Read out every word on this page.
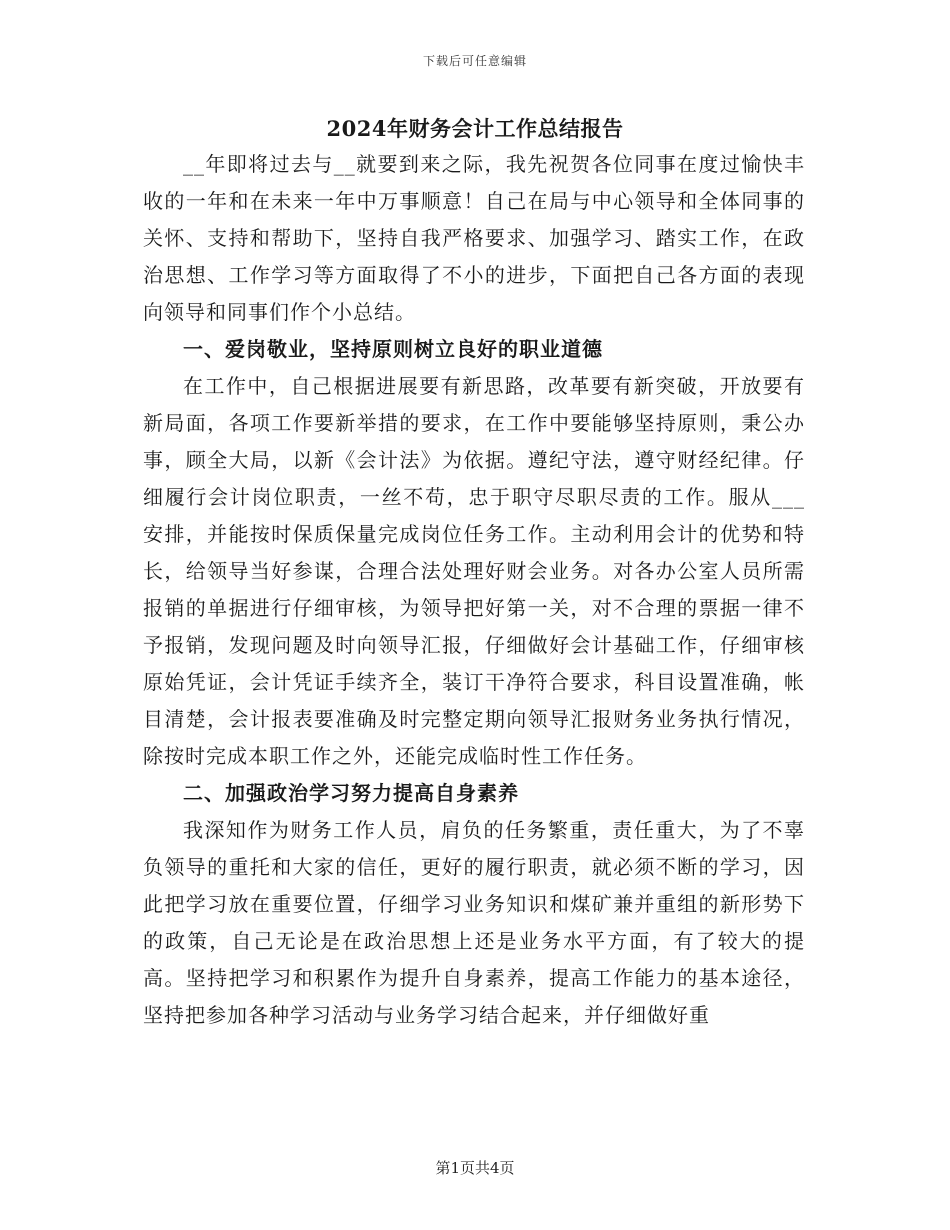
下载后可任意编辑
2024年财务会计工作总结报告

__年即将过去与__就要到来之际，我先祝贺各位同事在度过愉快丰收的一年和在未来一年中万事顺意！自己在局与中心领导和全体同事的关怀、支持和帮助下，坚持自我严格要求、加强学习、踏实工作，在政治思想、工作学习等方面取得了不小的进步，下面把自己各方面的表现向领导和同事们作个小总结。

一、爱岗敬业，坚持原则树立良好的职业道德

在工作中，自己根据进展要有新思路，改革要有新突破，开放要有新局面，各项工作要新举措的要求，在工作中要能够坚持原则，秉公办事，顾全大局，以新《会计法》为依据。遵纪守法，遵守财经纪律。仔细履行会计岗位职责，一丝不苟，忠于职守尽职尽责的工作。服从___安排，并能按时保质保量完成岗位任务工作。主动利用会计的优势和特长，给领导当好参谋，合理合法处理好财会业务。对各办公室人员所需报销的单据进行仔细审核，为领导把好第一关，对不合理的票据一律不予报销，发现问题及时向领导汇报，仔细做好会计基础工作，仔细审核原始凭证，会计凭证手续齐全，装订干净符合要求，科目设置准确，帐目清楚，会计报表要准确及时完整定期向领导汇报财务业务执行情况，除按时完成本职工作之外，还能完成临时性工作任务。

二、加强政治学习努力提高自身素养

我深知作为财务工作人员，肩负的任务繁重，责任重大，为了不辜负领导的重托和大家的信任，更好的履行职责，就必须不断的学习，因此把学习放在重要位置，仔细学习业务知识和煤矿兼并重组的新形势下的政策，自己无论是在政治思想上还是业务水平方面，有了较大的提高。坚持把学习和积累作为提升自身素养，提高工作能力的基本途径，坚持把参加各种学习活动与业务学习结合起来，并仔细做好重

第1页共4页
